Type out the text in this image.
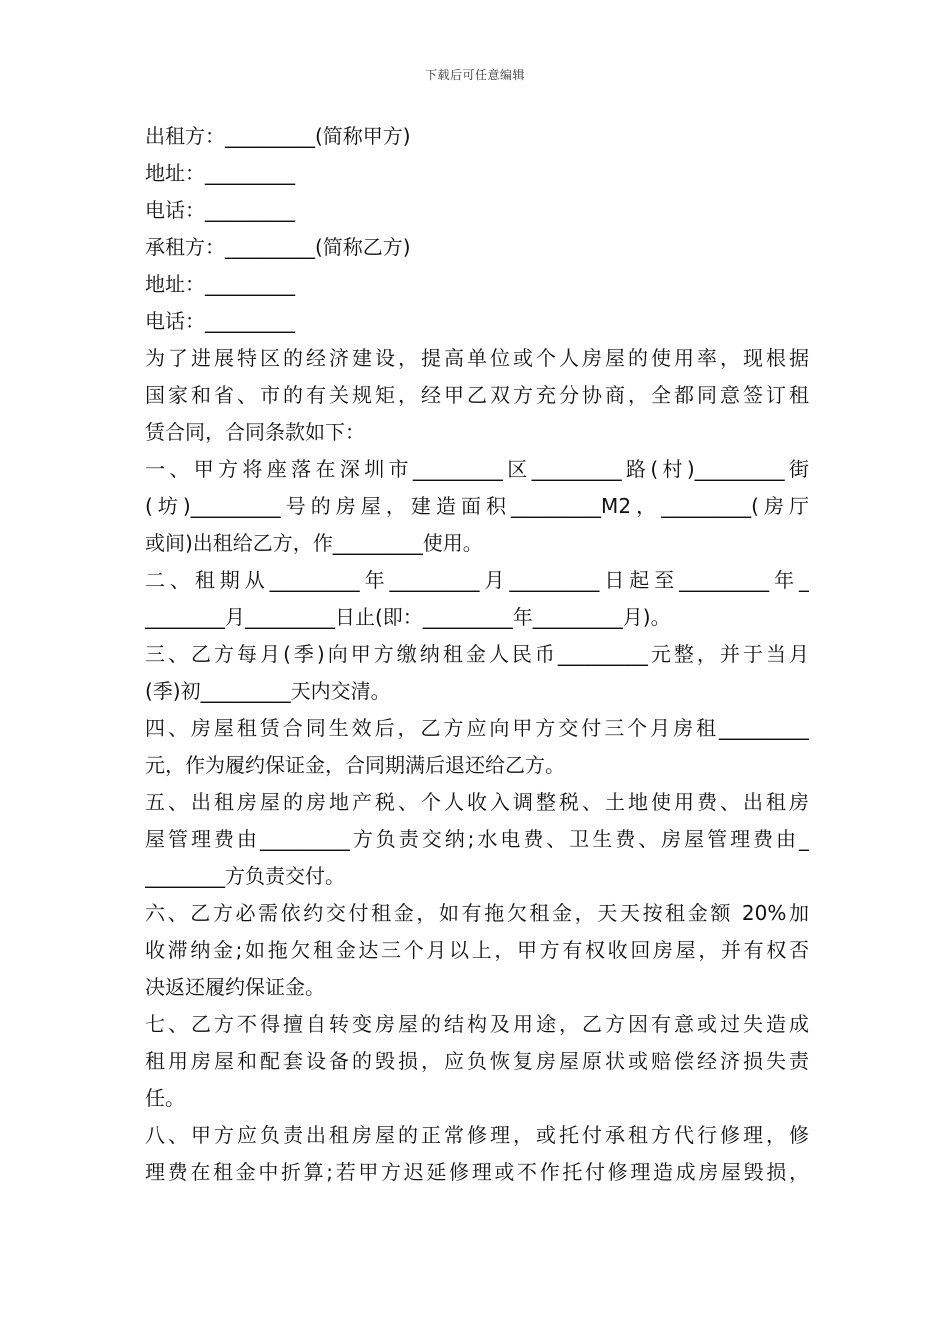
下载后可任意编辑
出租方：_________(简称甲方)
地址：_________
电话：_________
承租方：_________(简称乙方)
地址：_________
电话：_________
为了进展特区的经济建设，提高单位或个人房屋的使用率，现根据
国家和省、市的有关规矩，经甲乙双方充分协商，全都同意签订租
赁合同，合同条款如下：
一、甲方将座落在深圳市_________区_________路(村)_________街
(坊)_________号的房屋，建造面积_________M2，_________(房厅
或间)出租给乙方，作_________使用。
二、租期从_________年_________月_________日起至_________年_
________月_________日止(即：_________年_________月)。
三、乙方每月(季)向甲方缴纳租金人民币_________元整，并于当月
(季)初_________天内交清。
四、房屋租赁合同生效后，乙方应向甲方交付三个月房租_________
元，作为履约保证金，合同期满后退还给乙方。
五、出租房屋的房地产税、个人收入调整税、土地使用费、出租房
屋管理费由_________方负责交纳;水电费、卫生费、房屋管理费由_
________方负责交付。
六、乙方必需依约交付租金，如有拖欠租金，天天按租金额 20%加
收滞纳金;如拖欠租金达三个月以上，甲方有权收回房屋，并有权否
决返还履约保证金。
七、乙方不得擅自转变房屋的结构及用途，乙方因有意或过失造成
租用房屋和配套设备的毁损，应负恢复房屋原状或赔偿经济损失责
任。
八、甲方应负责出租房屋的正常修理，或托付承租方代行修理，修
理费在租金中折算;若甲方迟延修理或不作托付修理造成房屋毁损，
